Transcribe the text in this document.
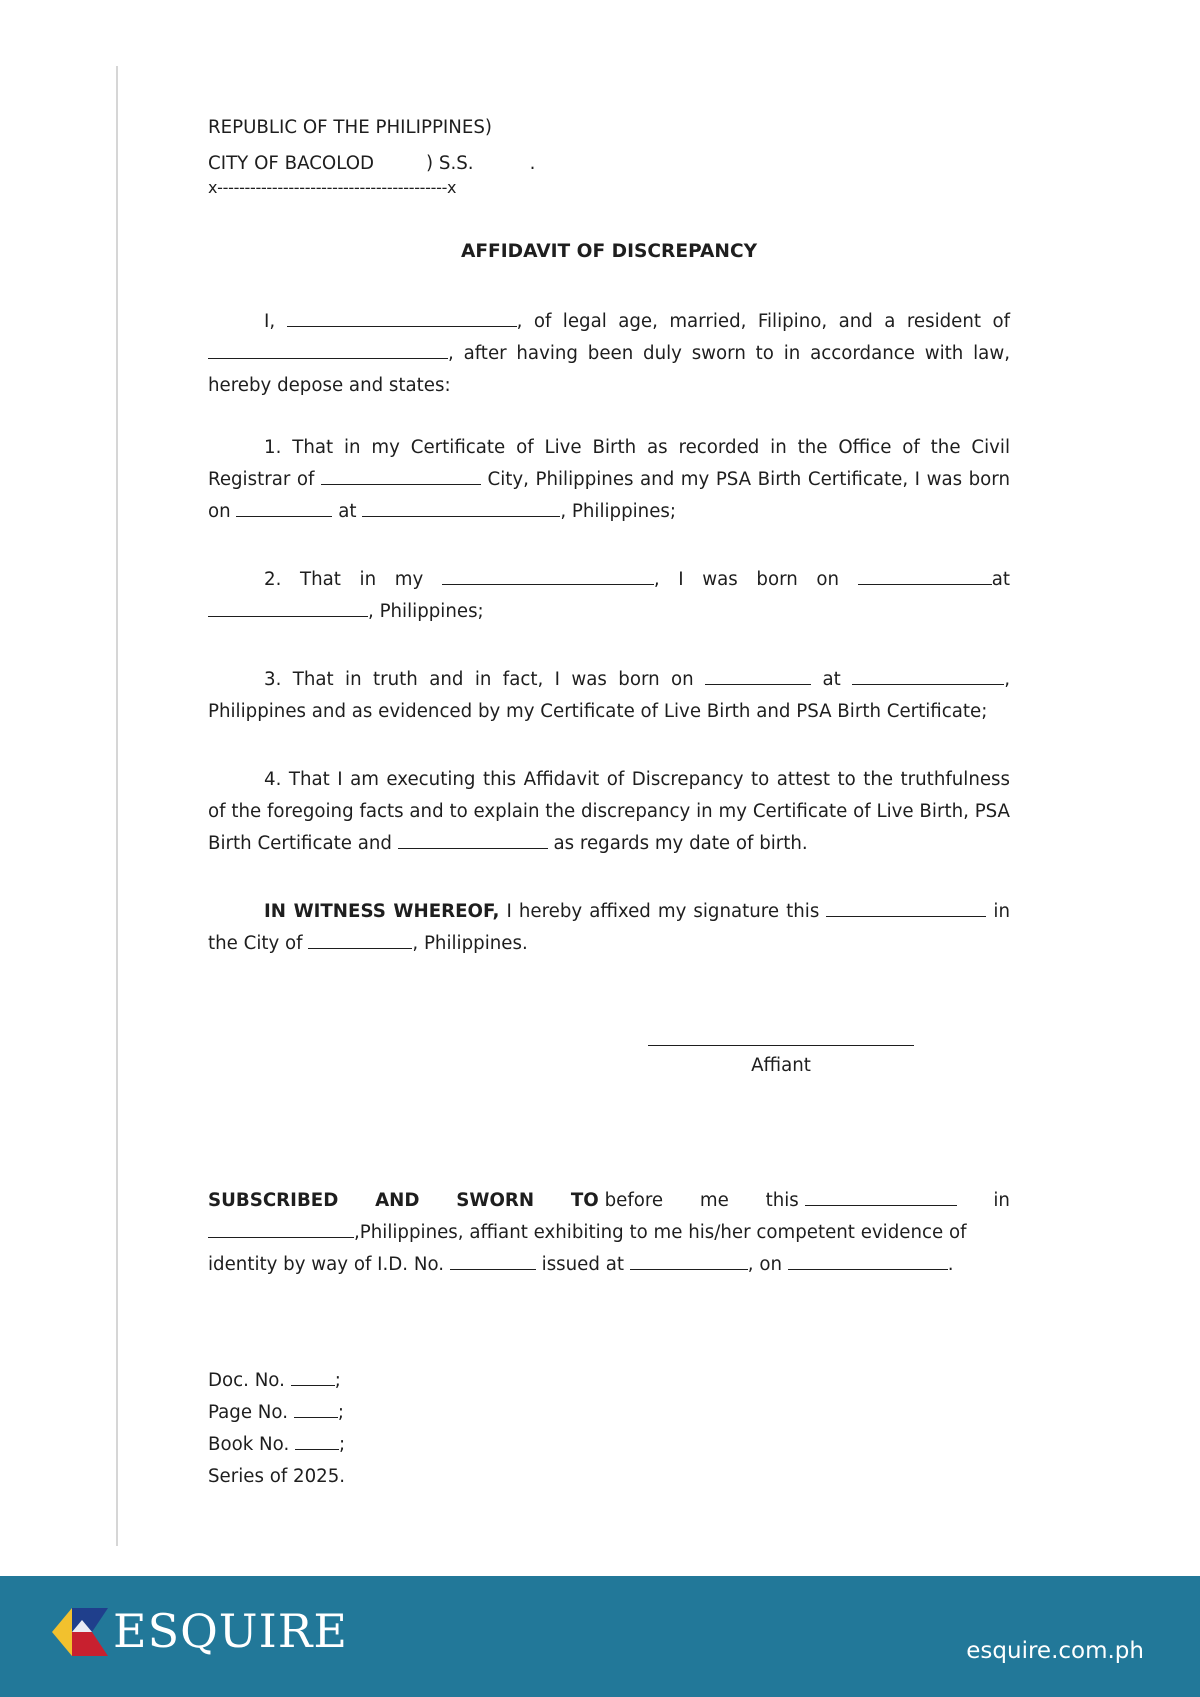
REPUBLIC OF THE PHILIPPINES)
CITY OF BACOLOD	) S.S.	.
x------------------------------------------x
AFFIDAVIT OF DISCREPANCY

I,	, of legal age, married, Filipino, and a resident of , after having been duly sworn to in accordance with law, hereby depose and states:

1. That in my Certificate of Live Birth as recorded in the Office of the Civil Registrar of	City, Philippines and my PSA Birth Certificate, I was born on	at	, Philippines;

2. That in my	, I was born on	at , Philippines;

3. That in truth and in fact, I was born on	at	, Philippines and as evidenced by my Certificate of Live Birth and PSA Birth Certificate;

4. That I am executing this Affidavit of Discrepancy to attest to the truthfulness of the foregoing facts and to explain the discrepancy in my Certificate of Live Birth, PSA Birth Certificate and	as regards my date of birth.

IN WITNESS WHEREOF, I hereby affixed my signature this	in the City of	, Philippines.

Affiant
SUBSCRIBED AND SWORN TO before me this	in

,Philippines, affiant exhibiting to me his/her competent evidence of

identity by way of I.D. No.	issued at	, on	.
Doc. No.	;
Page No.	;
Book No.	;
Series of 2025.
ESQUIRE	esquire.com.ph
